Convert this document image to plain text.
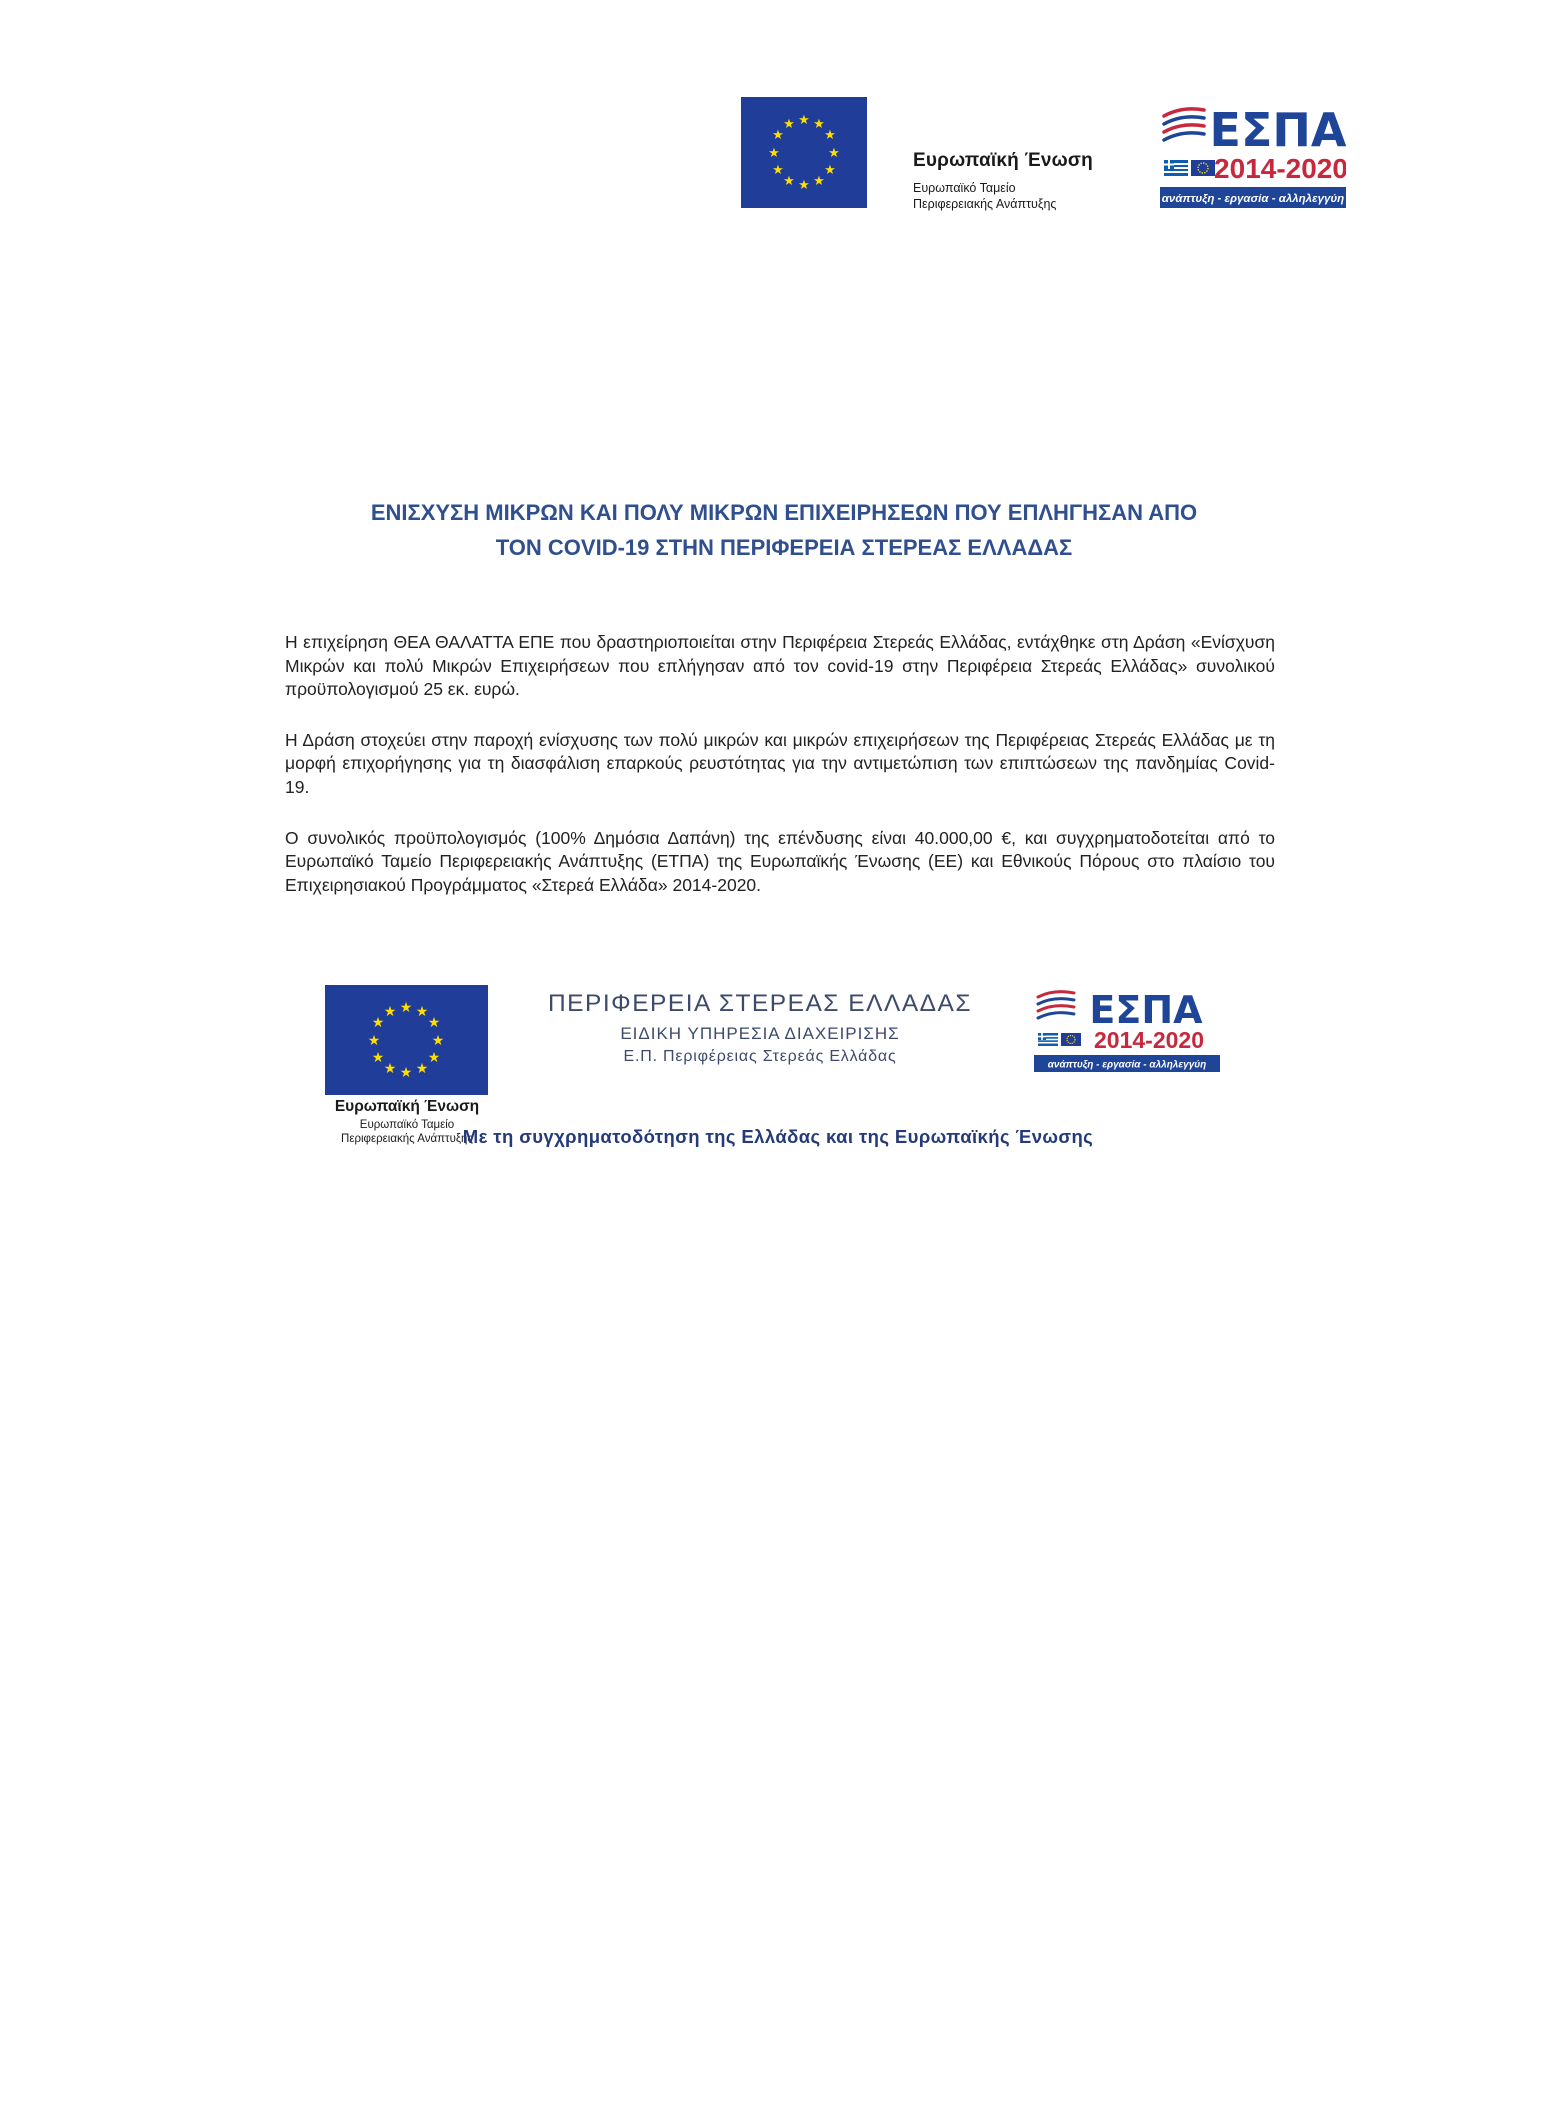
★ ★
★
★
★
★
★
★
★
★
★
★
Ευρωπαϊκή Ένωση
Ευρωπαϊκό Ταμείο
Περιφερειακής Ανάπτυξης
ΕΣΠΑ
2014-2020
ανάπτυξη - εργασία - αλληλεγγύη
ΕΝΙΣΧΥΣΗ ΜΙΚΡΩΝ ΚΑΙ ΠΟΛΥ ΜΙΚΡΩΝ ΕΠΙΧΕΙΡΗΣΕΩΝ ΠΟΥ ΕΠΛΗΓΗΣΑΝ ΑΠΟ
ΤΟΝ COVID-19 ΣΤΗΝ ΠΕΡΙΦΕΡΕΙΑ ΣΤΕΡΕΑΣ ΕΛΛΑΔΑΣ

Η επιχείρηση ΘΕΑ ΘΑΛΑΤΤΑ ΕΠΕ που δραστηριοποιείται στην Περιφέρεια Στερεάς Ελλάδας, εντάχθηκε στη Δράση «Ενίσχυση Μικρών και πολύ Μικρών Επιχειρήσεων που επλήγησαν από τον covid-19 στην Περιφέρεια Στερεάς Ελλάδας» συνολικού προϋπολογισμού 25 εκ. ευρώ.

Η Δράση στοχεύει στην παροχή ενίσχυσης των πολύ μικρών και μικρών επιχειρήσεων της Περιφέρειας Στερεάς Ελλάδας με τη μορφή επιχορήγησης για τη διασφάλιση επαρκούς ρευστότητας για την αντιμετώπιση των επιπτώσεων της πανδημίας Covid-19.

Ο συνολικός προϋπολογισμός (100% Δημόσια Δαπάνη) της επένδυσης είναι 40.000,00 €, και συγχρηματοδοτείται από το Ευρωπαϊκό Ταμείο Περιφερειακής Ανάπτυξης (ΕΤΠΑ) της Ευρωπαϊκής Ένωσης (ΕΕ) και Εθνικούς Πόρους στο πλαίσιο του Επιχειρησιακού Προγράμματος «Στερεά Ελλάδα» 2014-2020.

★ ★
★
★
★
★
★
★
★
★
★
★
Ευρωπαϊκή Ένωση
Ευρωπαϊκό Ταμείο
Περιφερειακής Ανάπτυξης
ΠΕΡΙΦΕΡΕΙΑ ΣΤΕΡΕΑΣ ΕΛΛΑΔΑΣ
ΕΙΔΙΚΗ ΥΠΗΡΕΣΙΑ ΔΙΑΧΕΙΡΙΣΗΣ
Ε.Π. Περιφέρειας Στερεάς Ελλάδας
ΕΣΠΑ
2014-2020
ανάπτυξη - εργασία - αλληλεγγύη
Με τη συγχρηματοδότηση της Ελλάδας και της Ευρωπαϊκής Ένωσης
